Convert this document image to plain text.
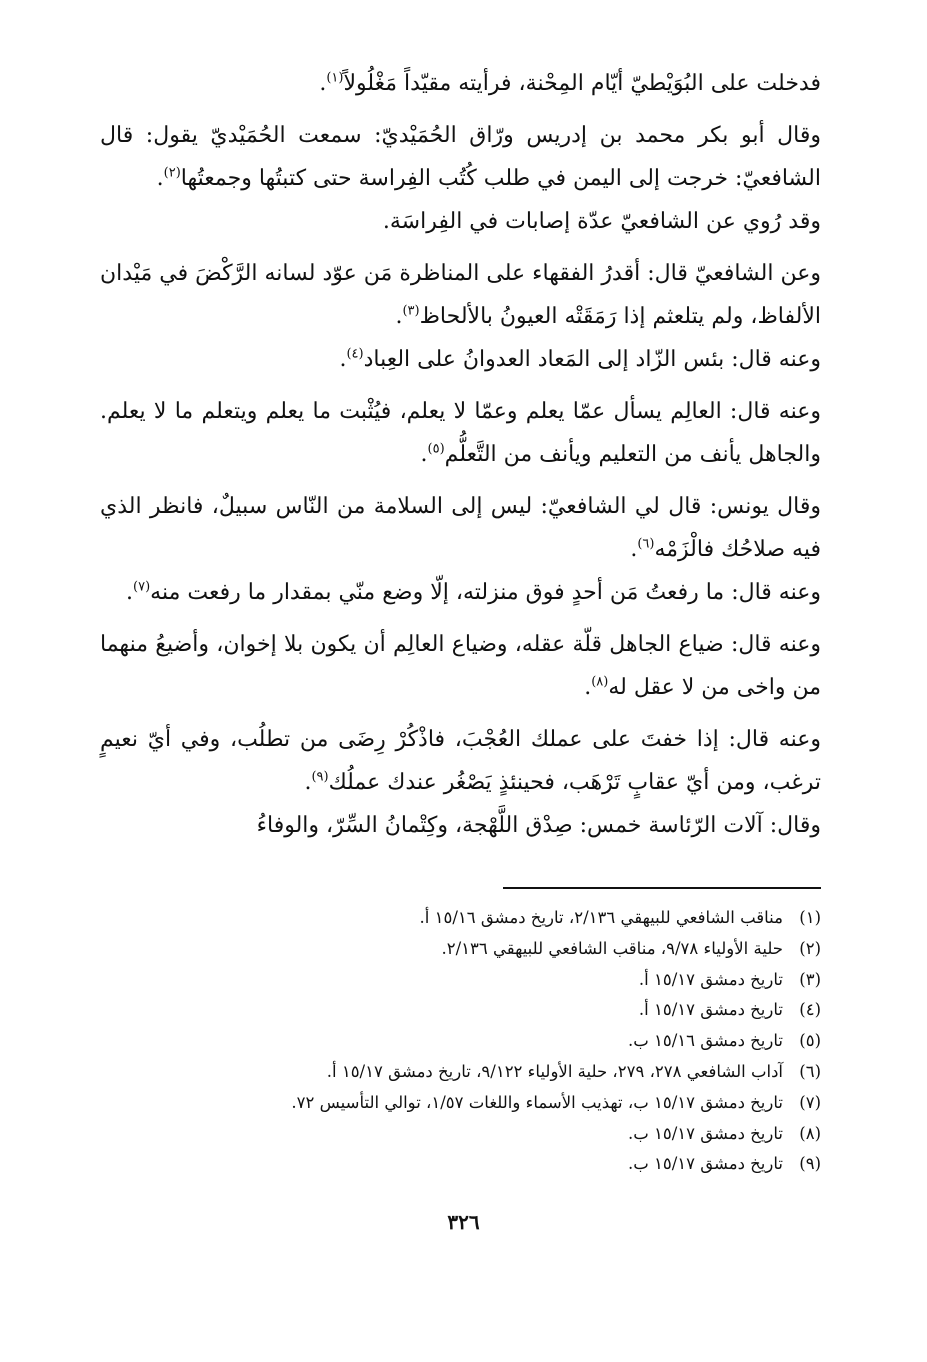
فدخلت على البُوَيْطيّ أيّام المِحْنة، فرأيته مقيّداً مَغْلُولاً$^{(١)}$.

وقال أبو بكر محمد بن إدريس ورّاق الحُمَيْديّ: سمعت الحُمَيْديّ يقول: قال الشافعيّ: خرجت إلى اليمن في طلب كُتُب الفِراسة حتى كتبتُها وجمعتُها$^{(٢)}$.

وقد رُوي عن الشافعيّ عدّة إصابات في الفِراسَة.

وعن الشافعيّ قال: أقدرُ الفقهاء على المناظرة مَن عوّد لسانه الرَّكْضَ في مَيْدان الألفاظ، ولم يتلعثم إذا رَمَقَتْه العيونُ بالألحاظ$^{(٣)}$.

وعنه قال: بئس الزّاد إلى المَعاد العدوانُ على العِباد$^{(٤)}$.

وعنه قال: العالِم يسأل عمّا يعلم وعمّا لا يعلم، فيُثْبت ما يعلم ويتعلم ما لا يعلم. والجاهل يأنف من التعليم ويأنف من التَّعلُّم$^{(٥)}$.

وقال يونس: قال لي الشافعيّ: ليس إلى السلامة من النّاس سبيلٌ، فانظر الذي فيه صلاحُك فالْزَمْه$^{(٦)}$.

وعنه قال: ما رفعتُ مَن أحدٍ فوق منزلته، إلّا وضع منّي بمقدار ما رفعت منه$^{(٧)}$.

وعنه قال: ضياع الجاهل قلّة عقله، وضياع العالِم أن يكون بلا إخوان، وأضيعُ منهما من واخى من لا عقل له$^{(٨)}$.

وعنه قال: إذا خفتَ على عملك العُجْبَ، فاذْكُرْ رِضَى من تطلُب، وفي أيّ نعيمٍ ترغب، ومن أيّ عقابٍ تَرْهَب، فحينئذٍ يَصْغُر عندك عملُك$^{(٩)}$.

وقال: آلات الرّئاسة خمس: صِدْق اللَّهْجة، وكِتْمانُ السِّرّ، والوفاءُ

(١)
مناقب الشافعي للبيهقي ٢/١٣٦، تاريخ دمشق ١٥/١٦ أ.
(٢)
حلية الأولياء ٩/٧٨، مناقب الشافعي للبيهقي ٢/١٣٦.
(٣)
تاريخ دمشق ١٥/١٧ أ.
(٤)
تاريخ دمشق ١٥/١٧ أ.
(٥)
تاريخ دمشق ١٥/١٦ ب.
(٦)
آداب الشافعي ٢٧٨، ٢٧٩، حلية الأولياء ٩/١٢٢، تاريخ دمشق ١٥/١٧ أ.
(٧)
تاريخ دمشق ١٥/١٧ ب، تهذيب الأسماء واللغات ١/٥٧، توالي التأسيس ٧٢.
(٨)
تاريخ دمشق ١٥/١٧ ب.
(٩)
تاريخ دمشق ١٥/١٧ ب.
٣٢٦
